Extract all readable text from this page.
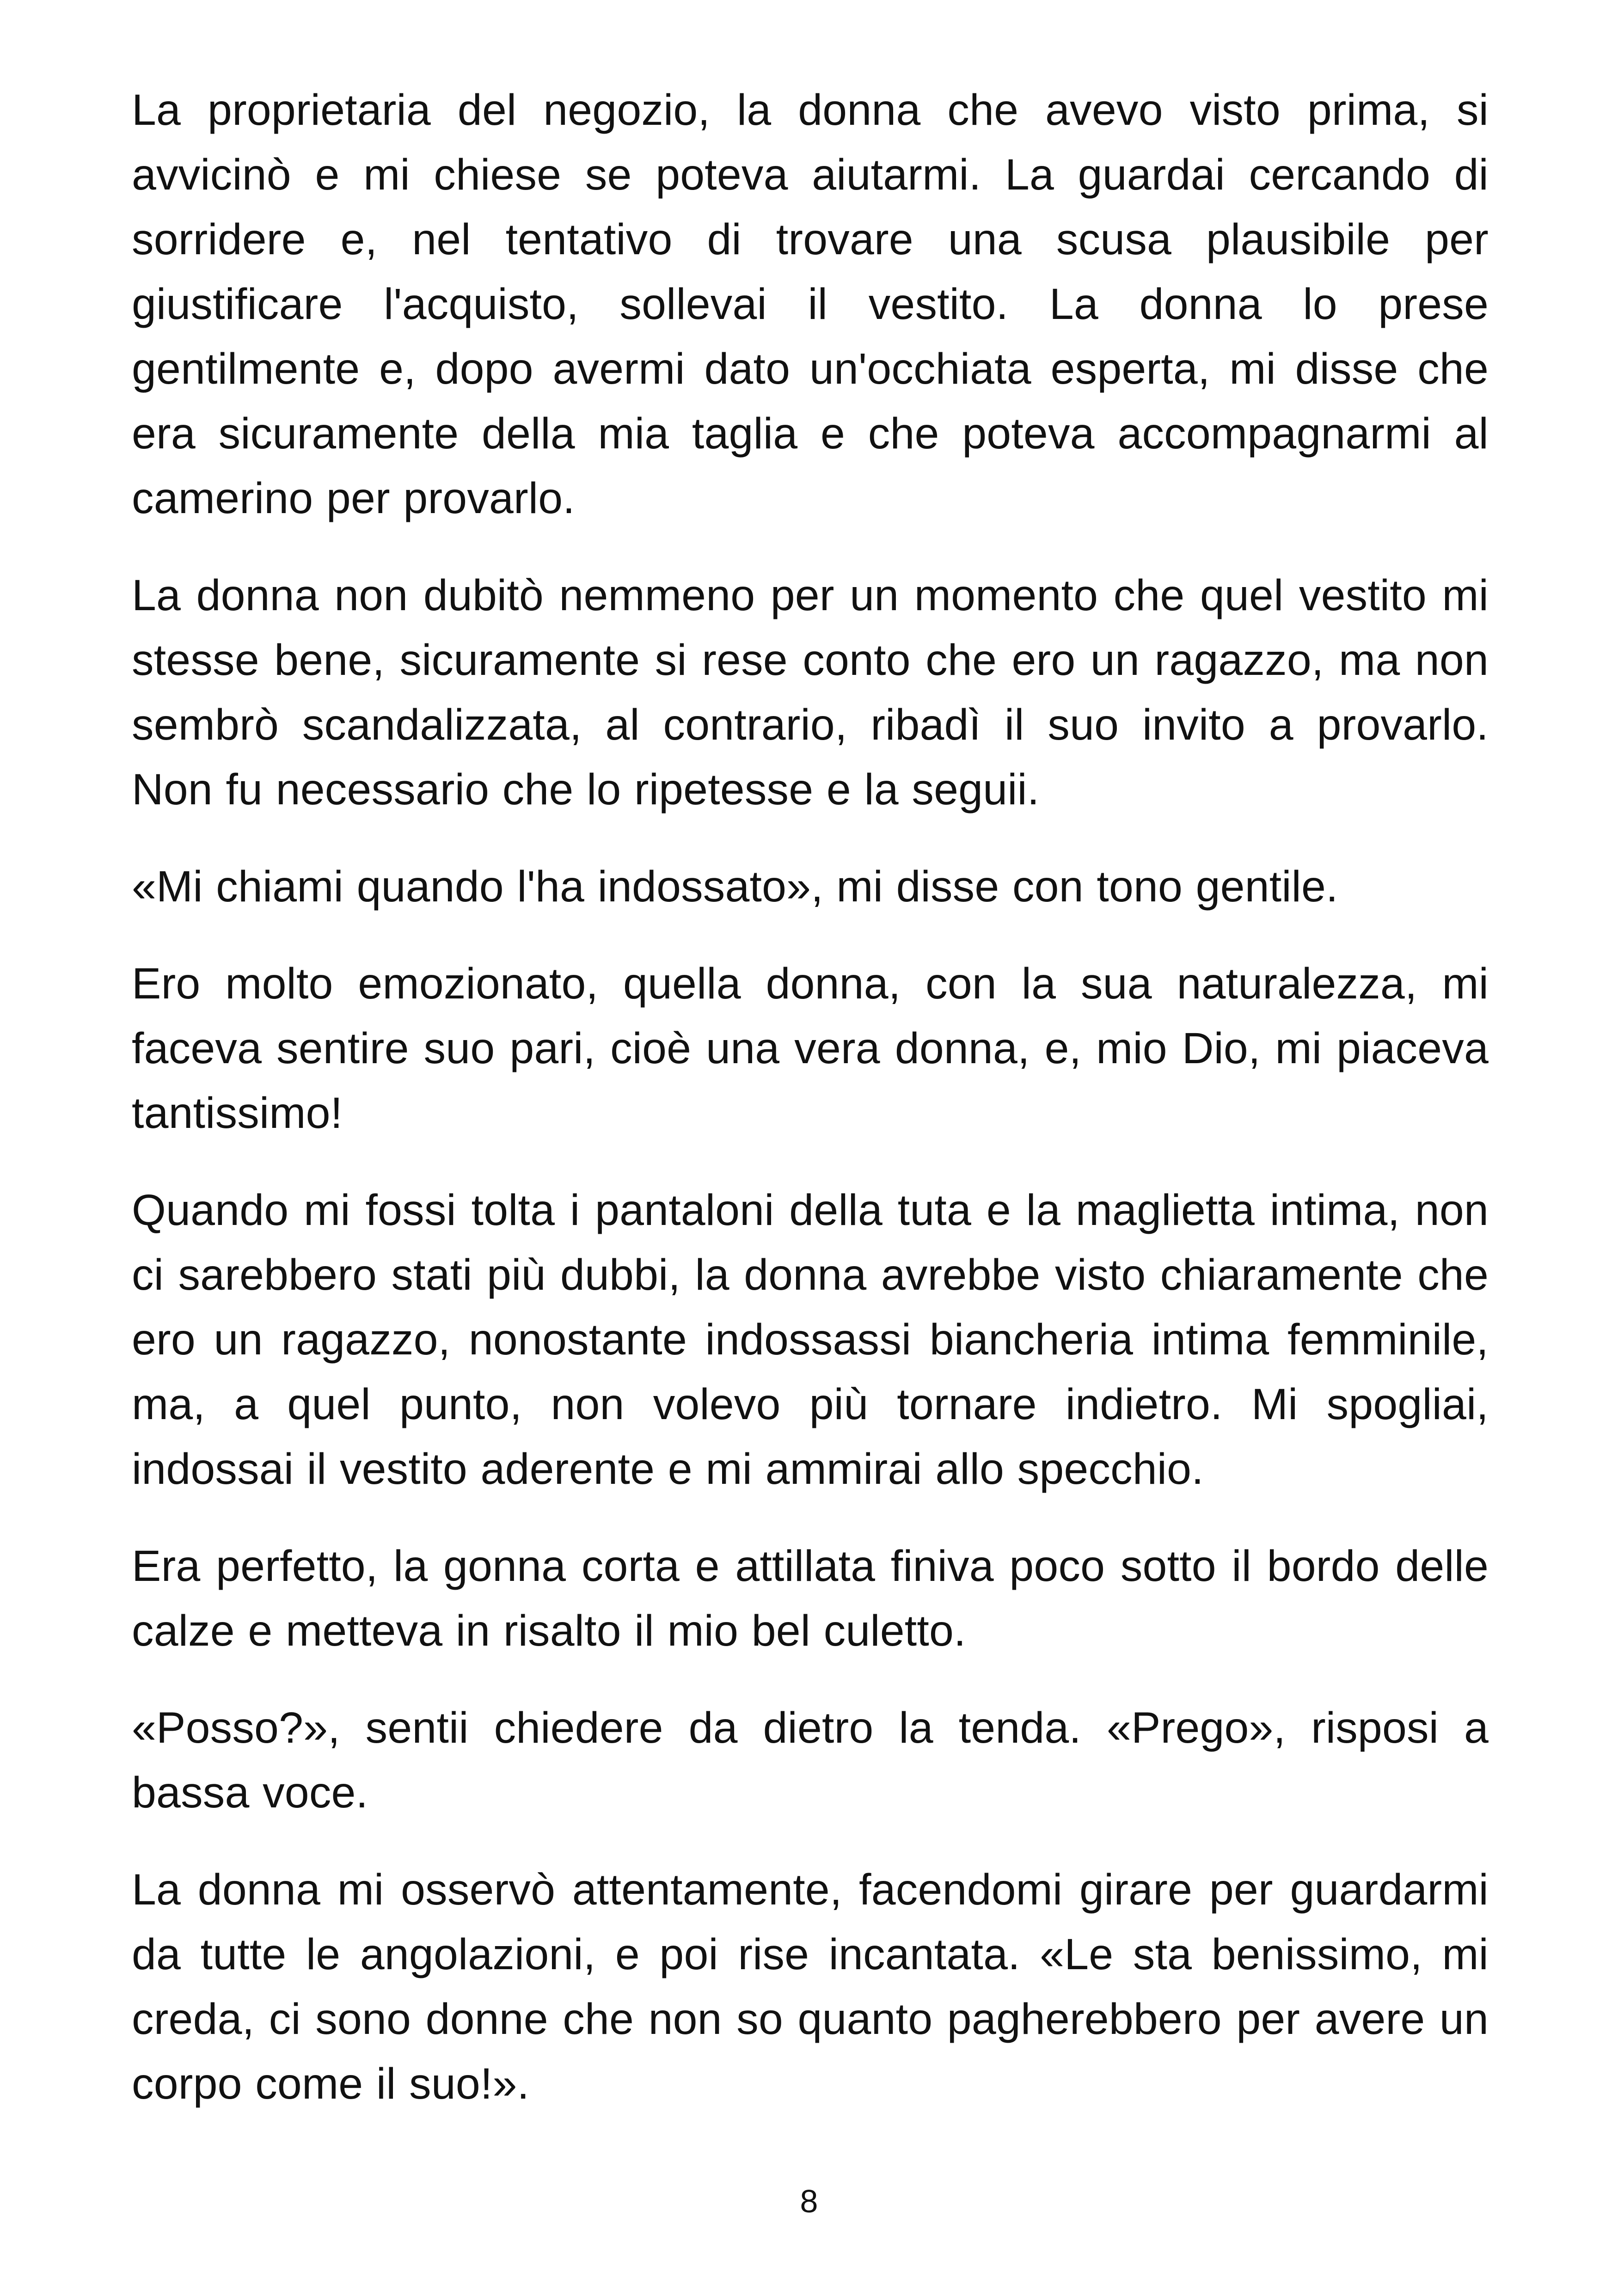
La proprietaria del negozio, la donna che avevo visto prima, si avvicinò e mi chiese se poteva aiutarmi. La guardai cercando di sorridere e, nel tentativo di trovare una scusa plausibile per giustificare l'acquisto, sollevai il vestito. La donna lo prese gentilmente e, dopo avermi dato un'occhiata esperta, mi disse che era sicuramente della mia taglia e che poteva accompagnarmi al camerino per provarlo.

La donna non dubitò nemmeno per un momento che quel vestito mi stesse bene, sicuramente si rese conto che ero un ragazzo, ma non sembrò scandalizzata, al contrario, ribadì il suo invito a provarlo. Non fu necessario che lo ripetesse e la seguii.

«Mi chiami quando l'ha indossato», mi disse con tono gentile.

Ero molto emozionato, quella donna, con la sua naturalezza, mi faceva sentire suo pari, cioè una vera donna, e, mio Dio, mi piaceva tantissimo!

Quando mi fossi tolta i pantaloni della tuta e la maglietta intima, non ci sarebbero stati più dubbi, la donna avrebbe visto chiaramente che ero un ragazzo, nonostante indossassi biancheria intima femminile, ma, a quel punto, non volevo più tornare indietro. Mi spogliai, indossai il vestito aderente e mi ammirai allo specchio.

Era perfetto, la gonna corta e attillata finiva poco sotto il bordo delle calze e metteva in risalto il mio bel culetto.

«Posso?», sentii chiedere da dietro la tenda. «Prego», risposi a bassa voce.

La donna mi osservò attentamente, facendomi girare per guardarmi da tutte le angolazioni, e poi rise incantata. «Le sta benissimo, mi creda, ci sono donne che non so quanto pagherebbero per avere un corpo come il suo!».

8
